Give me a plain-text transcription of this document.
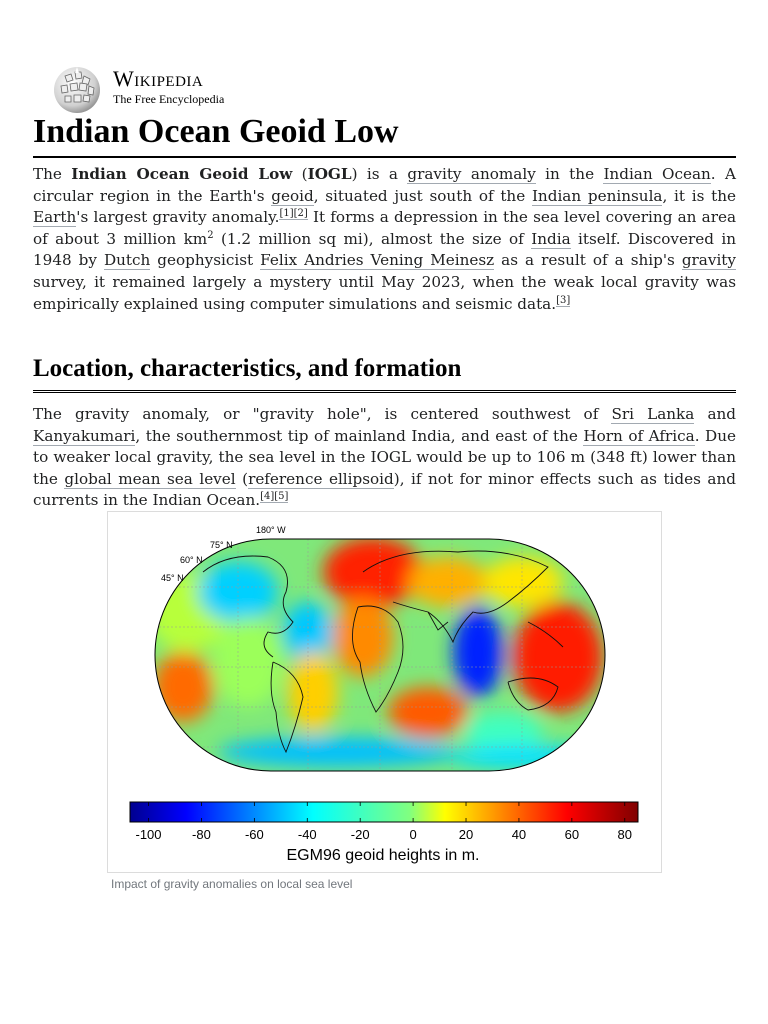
Wikipedia
The Free Encyclopedia
Indian Ocean Geoid Low

The Indian Ocean Geoid Low (IOGL) is a gravity anomaly in the Indian Ocean. A circular region in the Earth's geoid, situated just south of the Indian peninsula, it is the Earth's largest gravity anomaly.[1][2] It forms a depression in the sea level covering an area of about 3 million $km^2$ (1.2 million sq mi), almost the size of India itself. Discovered in 1948 by Dutch geophysicist Felix Andries Vening Meinesz as a result of a ship's gravity survey, it remained largely a mystery until May 2023, when the weak local gravity was empirically explained using computer simulations and seismic data.[3]

Location, characteristics, and formation

The gravity anomaly, or "gravity hole", is centered southwest of Sri Lanka and Kanyakumari, the southernmost tip of mainland India, and east of the Horn of Africa. Due to weaker local gravity, the sea level in the IOGL would be up to 106 m (348 ft) lower than the global mean sea level (reference ellipsoid), if not for minor effects such as tides and currents in the Indian Ocean.[4][5]

180° W
75° N
60° N
45° N
-100 -80	-60	-40	-20	0	20	40	60	80
EGM96 geoid heights in m.
Impact of gravity anomalies on local sea level
